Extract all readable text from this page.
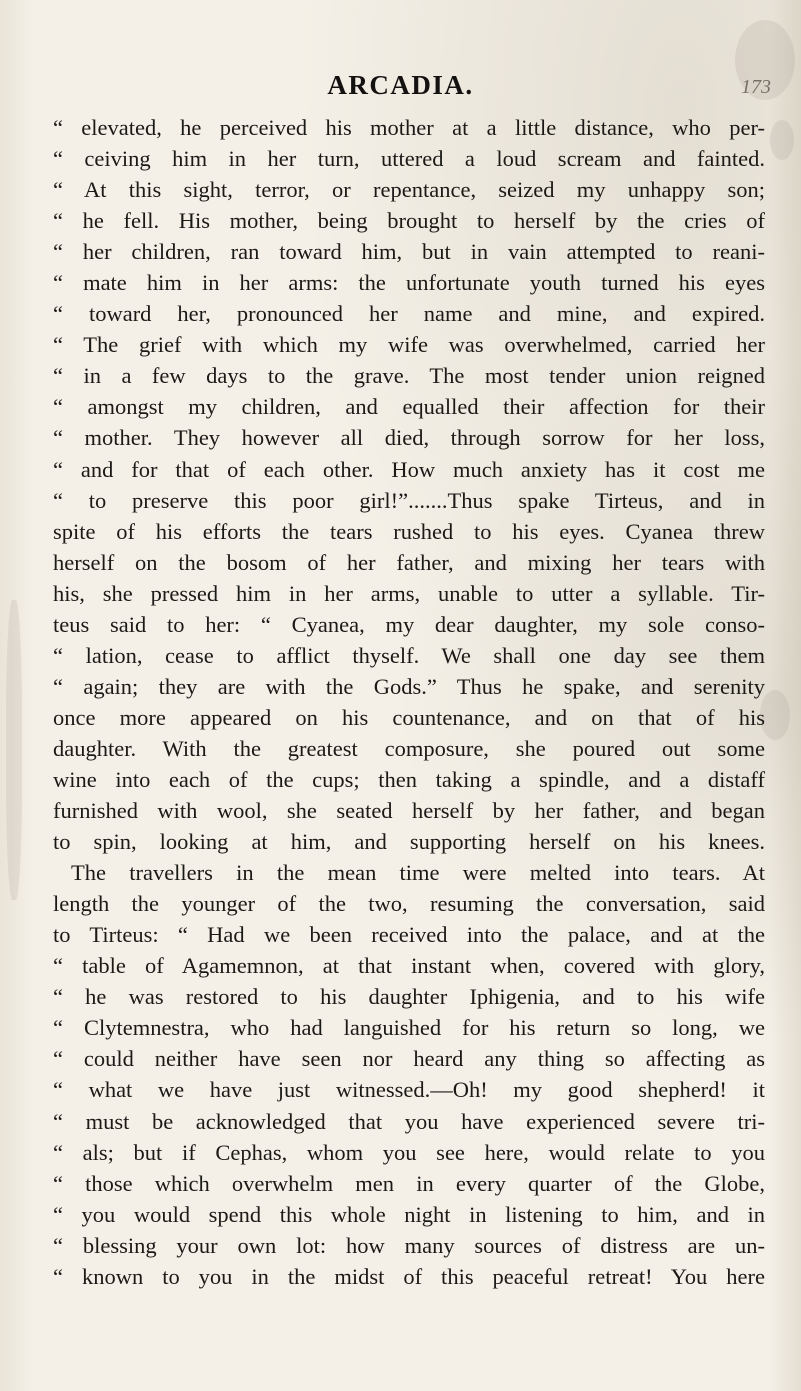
ARCADIA.	173
“ elevated, he perceived his mother at a little distance, who per-
“ ceiving him in her turn, uttered a loud scream and fainted.
“ At this sight, terror, or repentance, seized my unhappy son;
“ he fell. His mother, being brought to herself by the cries of
“ her children, ran toward him, but in vain attempted to reani-
“ mate him in her arms: the unfortunate youth turned his eyes
“ toward her, pronounced her name and mine, and expired.
“ The grief with which my wife was overwhelmed, carried her
“ in a few days to the grave. The most tender union reigned
“ amongst my children, and equalled their affection for their
“ mother. They however all died, through sorrow for her loss,
“ and for that of each other. How much anxiety has it cost me
“ to preserve this poor girl!”.......Thus spake Tirteus, and in
spite of his efforts the tears rushed to his eyes. Cyanea threw
herself on the bosom of her father, and mixing her tears with
his, she pressed him in her arms, unable to utter a syllable. Tir-
teus said to her: “ Cyanea, my dear daughter, my sole conso-
“ lation, cease to afflict thyself. We shall one day see them
“ again; they are with the Gods.” Thus he spake, and serenity
once more appeared on his countenance, and on that of his
daughter. With the greatest composure, she poured out some
wine into each of the cups; then taking a spindle, and a distaff
furnished with wool, she seated herself by her father, and began
to spin, looking at him, and supporting herself on his knees.
The travellers in the mean time were melted into tears. At
length the younger of the two, resuming the conversation, said
to Tirteus: “ Had we been received into the palace, and at the
“ table of Agamemnon, at that instant when, covered with glory,
“ he was restored to his daughter Iphigenia, and to his wife
“ Clytemnestra, who had languished for his return so long, we
“ could neither have seen nor heard any thing so affecting as
“ what we have just witnessed.—Oh! my good shepherd! it
“ must be acknowledged that you have experienced severe tri-
“ als; but if Cephas, whom you see here, would relate to you
“ those which overwhelm men in every quarter of the Globe,
“ you would spend this whole night in listening to him, and in
“ blessing your own lot: how many sources of distress are un-
“ known to you in the midst of this peaceful retreat! You here
